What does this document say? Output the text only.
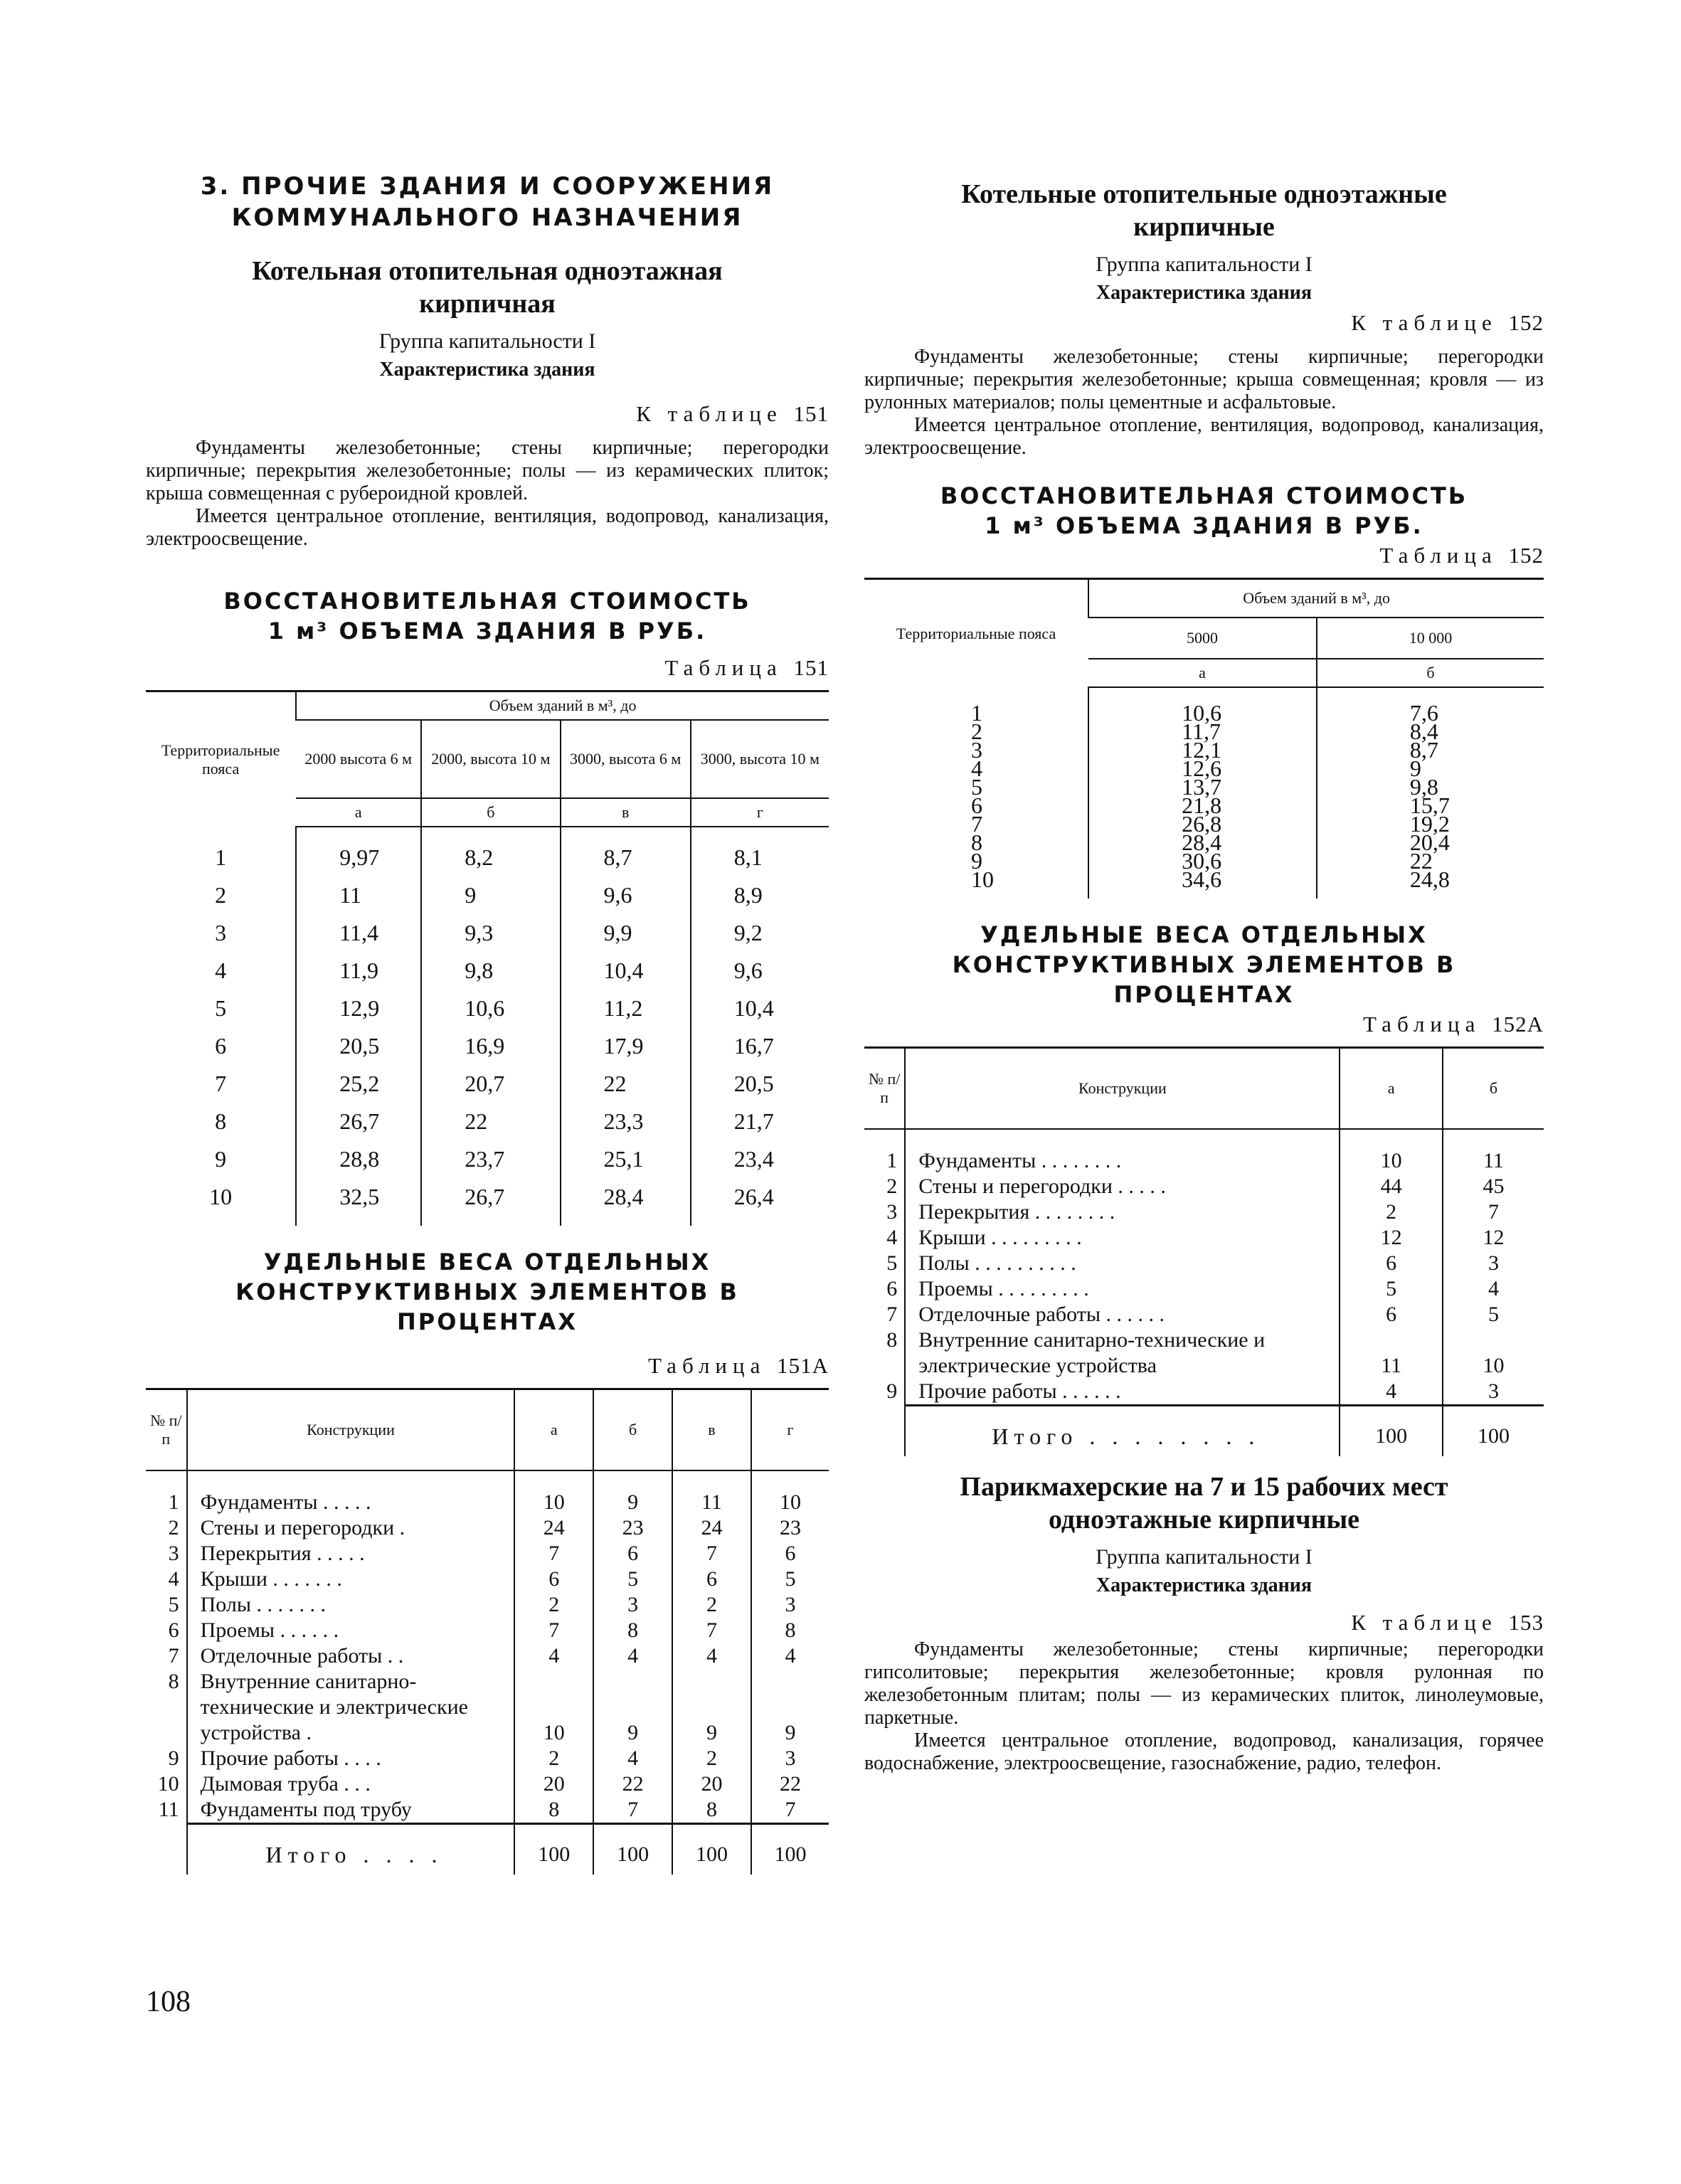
3. ПРОЧИЕ ЗДАНИЯ И СООРУЖЕНИЯ
КОММУНАЛЬНОГО НАЗНАЧЕНИЯ
Котельная отопительная одноэтажная
кирпичная
Группа капитальности I
Характеристика здания
К таблице 151

Фундаменты железобетонные; стены кирпичные; перегородки кирпичные; перекрытия железобетонные; полы — из керамических плиток; крыша совмещенная с рубероидной кровлей.

Имеется центральное отопление, вентиляция, водопровод, канализация, электроосвещение.

ВОССТАНОВИТЕЛЬНАЯ СТОИМОСТЬ
1 м³ ОБЪЕМА ЗДАНИЯ В РУБ.
Таблица 151
Территориальные пояса	Объем зданий в м³, до			
	2000 высота 6 м	2000, высота 10 м	3000, высота 6 м	3000, высота 10 м
	а	б	в	г
1	9,97	8,2	8,7	8,1
2	11	9	9,6	8,9
3	11,4	9,3	9,9	9,2
4	11,9	9,8	10,4	9,6
5	12,9	10,6	11,2	10,4
6	20,5	16,9	17,9	16,7
7	25,2	20,7	22	20,5
8	26,7	22	23,3	21,7
9	28,8	23,7	25,1	23,4
10	32,5	26,7	28,4	26,4
УДЕЛЬНЫЕ ВЕСА ОТДЕЛЬНЫХ
КОНСТРУКТИВНЫХ ЭЛЕМЕНТОВ В ПРОЦЕНТАХ
Таблица 151А
№ п/п	Конструкции	а	б	в	г
1	Фундаменты . . . . .	10	9	11	10
2	Стены и перегородки .	24	23	24	23
3	Перекрытия . . . . .	7	6	7	6
4	Крыши . . . . . . .	6	5	6	5
5	Полы . . . . . . .	2	3	2	3
6	Проемы . . . . . .	7	8	7	8
7	Отделочные работы . .	4	4	4	4
8	Внутренние санитарно-технические и электрические устройства .	10	9	9	9
9	Прочие работы . . . .	2	4	2	3
10	Дымовая труба . . .	20	22	20	22
11	Фундаменты под трубу	8	7	8	7
	Итого . . . .	100	100	100	100
Котельные отопительные одноэтажные
кирпичные
Группа капитальности I
Характеристика здания
К таблице 152

Фундаменты железобетонные; стены кирпичные; перегородки кирпичные; перекрытия железобетонные; крыша совмещенная; кровля — из рулонных материалов; полы цементные и асфальтовые.

Имеется центральное отопление, вентиляция, водопровод, канализация, электроосвещение.

ВОССТАНОВИТЕЛЬНАЯ СТОИМОСТЬ
1 м³ ОБЪЕМА ЗДАНИЯ В РУБ.
Таблица 152
Территориальные пояса	Объем зданий в м³, до	
	5000	10 000
	а	б
1	10,6	7,6
2	11,7	8,4
3	12,1	8,7
4	12,6	9
5	13,7	9,8
6	21,8	15,7
7	26,8	19,2
8	28,4	20,4
9	30,6	22
10	34,6	24,8
УДЕЛЬНЫЕ ВЕСА ОТДЕЛЬНЫХ
КОНСТРУКТИВНЫХ ЭЛЕМЕНТОВ В ПРОЦЕНТАХ
Таблица 152А
№ п/п	Конструкции	а	б
1	Фундаменты . . . . . . . .	10	11
2	Стены и перегородки . . . . .	44	45
3	Перекрытия . . . . . . . .	2	7
4	Крыши . . . . . . . . .	12	12
5	Полы . . . . . . . . . .	6	3
6	Проемы . . . . . . . . .	5	4
7	Отделочные работы . . . . . .	6	5
8	Внутренние санитарно-технические и электрические устройства	11	10
9	Прочие работы . . . . . .	4	3
	Итого . . . . . . . .	100	100
Парикмахерские на 7 и 15 рабочих мест
одноэтажные кирпичные
Группа капитальности I
Характеристика здания
К таблице 153

Фундаменты железобетонные; стены кирпичные; перегородки гипсолитовые; перекрытия железобетонные; кровля рулонная по железобетонным плитам; полы — из керамических плиток, линолеумовые, паркетные.

Имеется центральное отопление, водопровод, канализация, горячее водоснабжение, электроосвещение, газоснабжение, радио, телефон.

108
